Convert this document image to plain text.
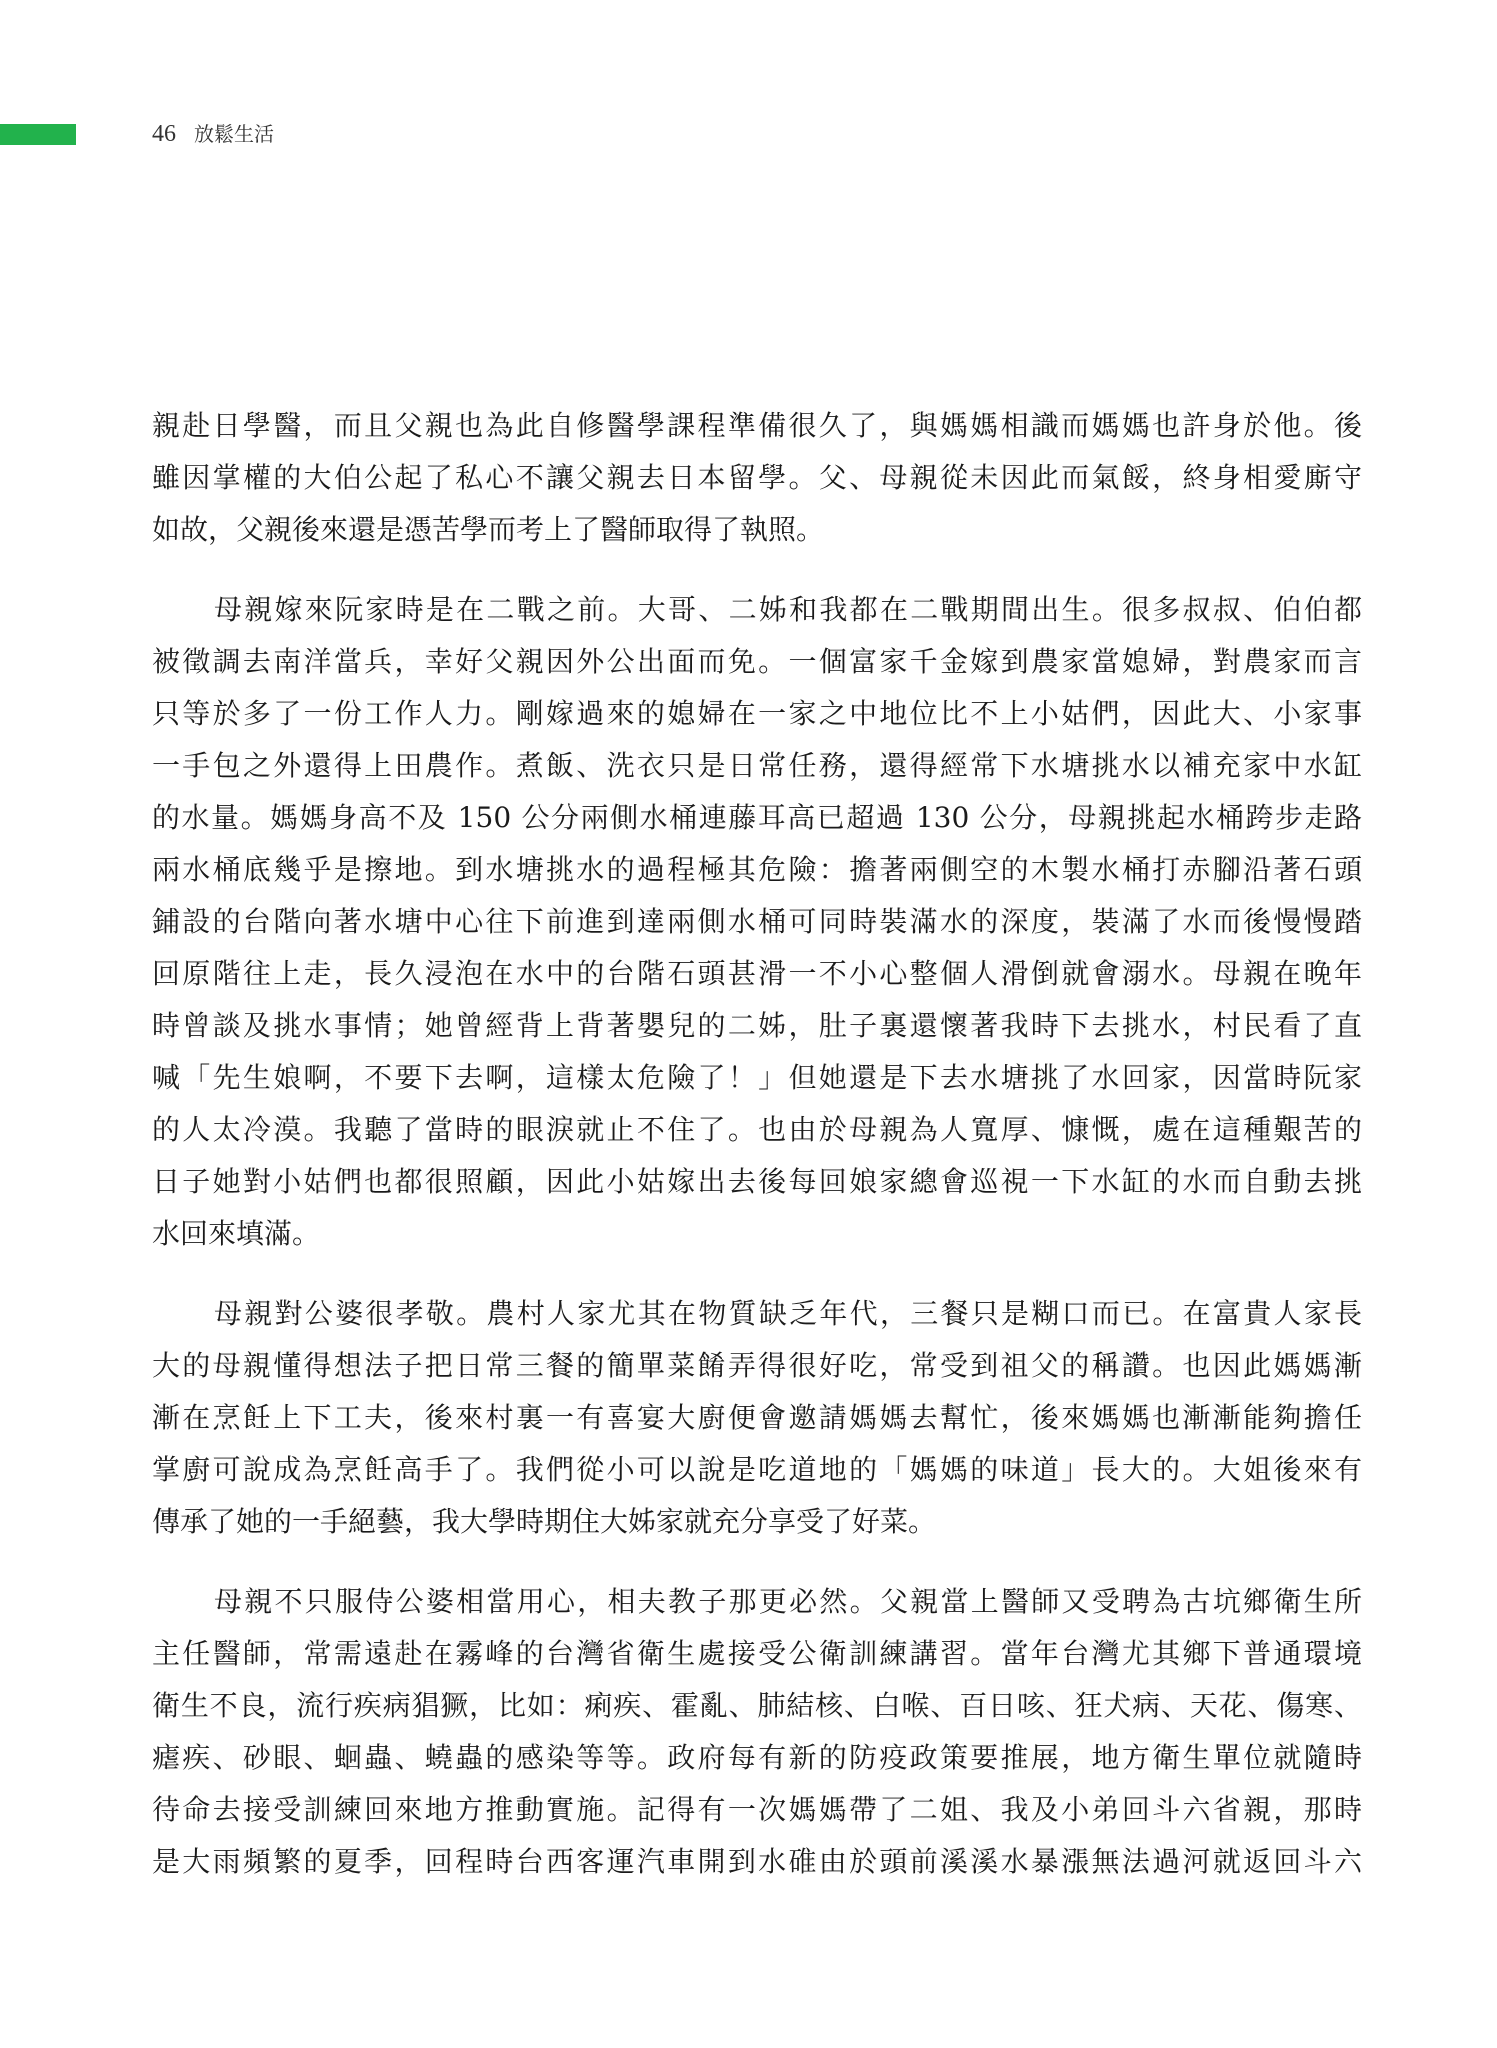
46 放鬆生活
親赴日學醫，而且父親也為此自修醫學課程準備很久了，與媽媽相識而媽媽也許身於他。後
雖因掌權的大伯公起了私心不讓父親去日本留學。父、母親從未因此而氣餒，終身相愛廝守
如故，父親後來還是憑苦學而考上了醫師取得了執照。
母親嫁來阮家時是在二戰之前。大哥、二姊和我都在二戰期間出生。很多叔叔、伯伯都
被徵調去南洋當兵，幸好父親因外公出面而免。一個富家千金嫁到農家當媳婦，對農家而言
只等於多了一份工作人力。剛嫁過來的媳婦在一家之中地位比不上小姑們，因此大、小家事
一手包之外還得上田農作。煮飯、洗衣只是日常任務，還得經常下水塘挑水以補充家中水缸
的水量。媽媽身高不及 150 公分兩側水桶連藤耳高已超過 130 公分，母親挑起水桶跨步走路
兩水桶底幾乎是擦地。到水塘挑水的過程極其危險：擔著兩側空的木製水桶打赤腳沿著石頭
鋪設的台階向著水塘中心往下前進到達兩側水桶可同時裝滿水的深度，裝滿了水而後慢慢踏
回原階往上走，長久浸泡在水中的台階石頭甚滑一不小心整個人滑倒就會溺水。母親在晚年
時曾談及挑水事情；她曾經背上背著嬰兒的二姊，肚子裏還懷著我時下去挑水，村民看了直
喊「先生娘啊，不要下去啊，這樣太危險了！」但她還是下去水塘挑了水回家，因當時阮家
的人太冷漠。我聽了當時的眼淚就止不住了。也由於母親為人寬厚、慷慨，處在這種艱苦的
日子她對小姑們也都很照顧，因此小姑嫁出去後每回娘家總會巡視一下水缸的水而自動去挑
水回來填滿。
母親對公婆很孝敬。農村人家尤其在物質缺乏年代，三餐只是糊口而已。在富貴人家長
大的母親懂得想法子把日常三餐的簡單菜餚弄得很好吃，常受到祖父的稱讚。也因此媽媽漸
漸在烹飪上下工夫，後來村裏一有喜宴大廚便會邀請媽媽去幫忙，後來媽媽也漸漸能夠擔任
掌廚可說成為烹飪高手了。我們從小可以說是吃道地的「媽媽的味道」長大的。大姐後來有
傳承了她的一手絕藝，我大學時期住大姊家就充分享受了好菜。
母親不只服侍公婆相當用心，相夫教子那更必然。父親當上醫師又受聘為古坑鄉衛生所
主任醫師，常需遠赴在霧峰的台灣省衛生處接受公衛訓練講習。當年台灣尤其鄉下普通環境
衛生不良，流行疾病猖獗，比如：痢疾、霍亂、肺結核、白喉、百日咳、狂犬病、天花、傷寒、
瘧疾、砂眼、蛔蟲、蟯蟲的感染等等。政府每有新的防疫政策要推展，地方衛生單位就隨時
待命去接受訓練回來地方推動實施。記得有一次媽媽帶了二姐、我及小弟回斗六省親，那時
是大雨頻繁的夏季，回程時台西客運汽車開到水碓由於頭前溪溪水暴漲無法過河就返回斗六
